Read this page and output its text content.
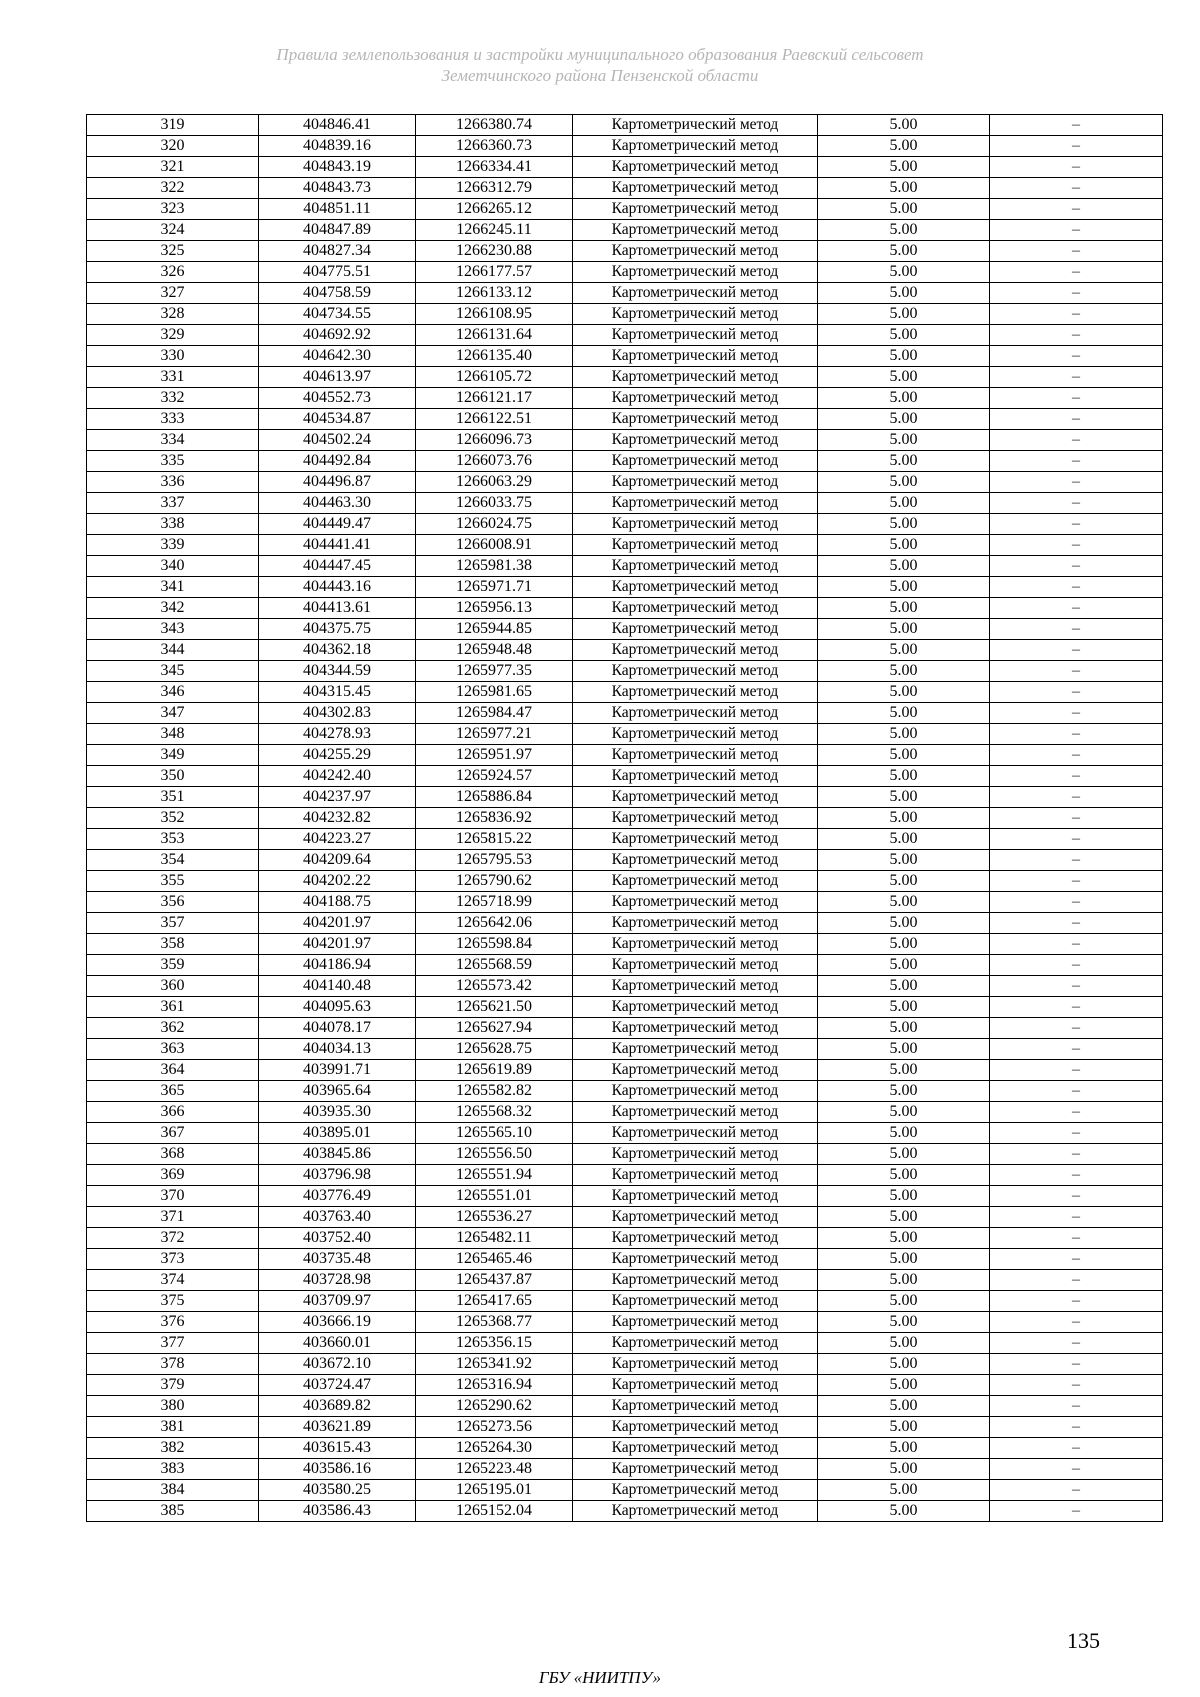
Правила землепользования и застройки муниципального образования Раевский сельсовет
Земетчинского района Пензенской области
319	404846.41	1266380.74	Картометрический метод	5.00	–
320	404839.16	1266360.73	Картометрический метод	5.00	–
321	404843.19	1266334.41	Картометрический метод	5.00	–
322	404843.73	1266312.79	Картометрический метод	5.00	–
323	404851.11	1266265.12	Картометрический метод	5.00	–
324	404847.89	1266245.11	Картометрический метод	5.00	–
325	404827.34	1266230.88	Картометрический метод	5.00	–
326	404775.51	1266177.57	Картометрический метод	5.00	–
327	404758.59	1266133.12	Картометрический метод	5.00	–
328	404734.55	1266108.95	Картометрический метод	5.00	–
329	404692.92	1266131.64	Картометрический метод	5.00	–
330	404642.30	1266135.40	Картометрический метод	5.00	–
331	404613.97	1266105.72	Картометрический метод	5.00	–
332	404552.73	1266121.17	Картометрический метод	5.00	–
333	404534.87	1266122.51	Картометрический метод	5.00	–
334	404502.24	1266096.73	Картометрический метод	5.00	–
335	404492.84	1266073.76	Картометрический метод	5.00	–
336	404496.87	1266063.29	Картометрический метод	5.00	–
337	404463.30	1266033.75	Картометрический метод	5.00	–
338	404449.47	1266024.75	Картометрический метод	5.00	–
339	404441.41	1266008.91	Картометрический метод	5.00	–
340	404447.45	1265981.38	Картометрический метод	5.00	–
341	404443.16	1265971.71	Картометрический метод	5.00	–
342	404413.61	1265956.13	Картометрический метод	5.00	–
343	404375.75	1265944.85	Картометрический метод	5.00	–
344	404362.18	1265948.48	Картометрический метод	5.00	–
345	404344.59	1265977.35	Картометрический метод	5.00	–
346	404315.45	1265981.65	Картометрический метод	5.00	–
347	404302.83	1265984.47	Картометрический метод	5.00	–
348	404278.93	1265977.21	Картометрический метод	5.00	–
349	404255.29	1265951.97	Картометрический метод	5.00	–
350	404242.40	1265924.57	Картометрический метод	5.00	–
351	404237.97	1265886.84	Картометрический метод	5.00	–
352	404232.82	1265836.92	Картометрический метод	5.00	–
353	404223.27	1265815.22	Картометрический метод	5.00	–
354	404209.64	1265795.53	Картометрический метод	5.00	–
355	404202.22	1265790.62	Картометрический метод	5.00	–
356	404188.75	1265718.99	Картометрический метод	5.00	–
357	404201.97	1265642.06	Картометрический метод	5.00	–
358	404201.97	1265598.84	Картометрический метод	5.00	–
359	404186.94	1265568.59	Картометрический метод	5.00	–
360	404140.48	1265573.42	Картометрический метод	5.00	–
361	404095.63	1265621.50	Картометрический метод	5.00	–
362	404078.17	1265627.94	Картометрический метод	5.00	–
363	404034.13	1265628.75	Картометрический метод	5.00	–
364	403991.71	1265619.89	Картометрический метод	5.00	–
365	403965.64	1265582.82	Картометрический метод	5.00	–
366	403935.30	1265568.32	Картометрический метод	5.00	–
367	403895.01	1265565.10	Картометрический метод	5.00	–
368	403845.86	1265556.50	Картометрический метод	5.00	–
369	403796.98	1265551.94	Картометрический метод	5.00	–
370	403776.49	1265551.01	Картометрический метод	5.00	–
371	403763.40	1265536.27	Картометрический метод	5.00	–
372	403752.40	1265482.11	Картометрический метод	5.00	–
373	403735.48	1265465.46	Картометрический метод	5.00	–
374	403728.98	1265437.87	Картометрический метод	5.00	–
375	403709.97	1265417.65	Картометрический метод	5.00	–
376	403666.19	1265368.77	Картометрический метод	5.00	–
377	403660.01	1265356.15	Картометрический метод	5.00	–
378	403672.10	1265341.92	Картометрический метод	5.00	–
379	403724.47	1265316.94	Картометрический метод	5.00	–
380	403689.82	1265290.62	Картометрический метод	5.00	–
381	403621.89	1265273.56	Картометрический метод	5.00	–
382	403615.43	1265264.30	Картометрический метод	5.00	–
383	403586.16	1265223.48	Картометрический метод	5.00	–
384	403580.25	1265195.01	Картометрический метод	5.00	–
385	403586.43	1265152.04	Картометрический метод	5.00	–
135
ГБУ «НИИТПУ»
